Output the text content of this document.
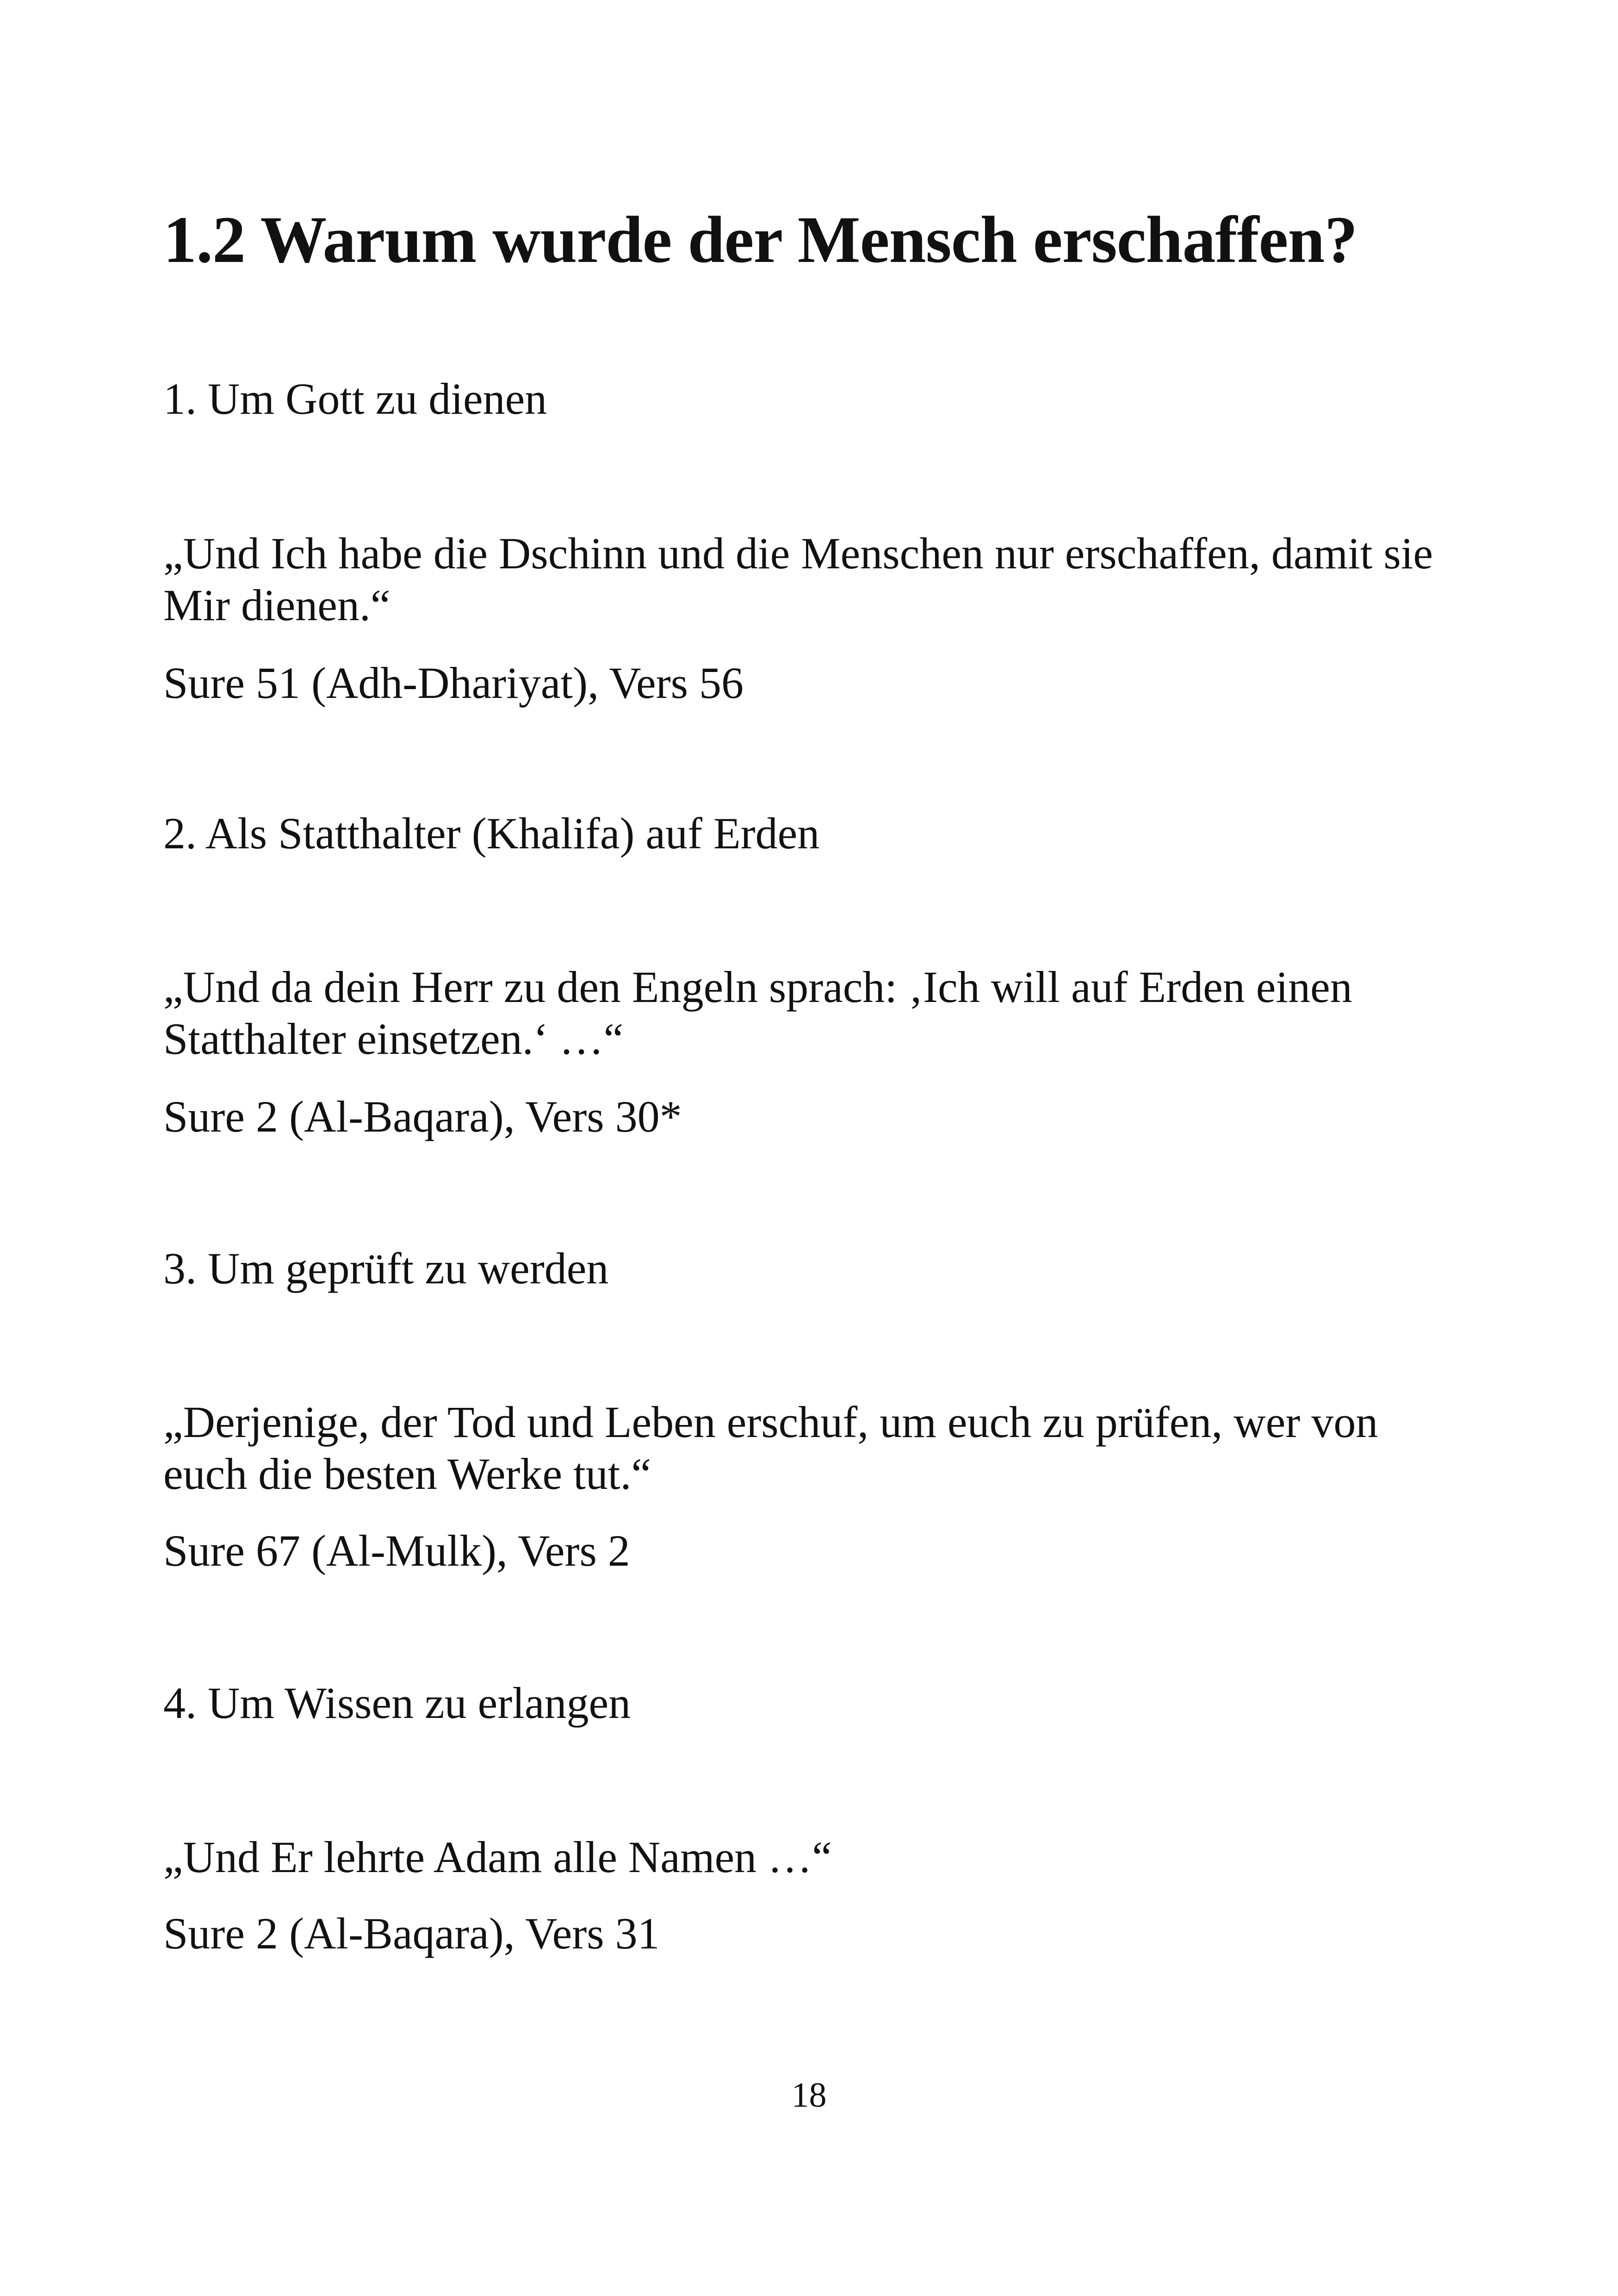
1.2 Warum wurde der Mensch erschaffen?

1. Um Gott zu dienen

„Und Ich habe die Dschinn und die Menschen nur erschaffen, damit sie Mir dienen.“

Sure 51 (Adh-Dhariyat), Vers 56

2. Als Statthalter (Khalifa) auf Erden

„Und da dein Herr zu den Engeln sprach: ‚Ich will auf Erden einen Statthalter einsetzen.‘ …“

Sure 2 (Al-Baqara), Vers 30*

3. Um geprüft zu werden

„Derjenige, der Tod und Leben erschuf, um euch zu prüfen, wer von euch die besten Werke tut.“

Sure 67 (Al-Mulk), Vers 2

4. Um Wissen zu erlangen

„Und Er lehrte Adam alle Namen …“

Sure 2 (Al-Baqara), Vers 31

18
